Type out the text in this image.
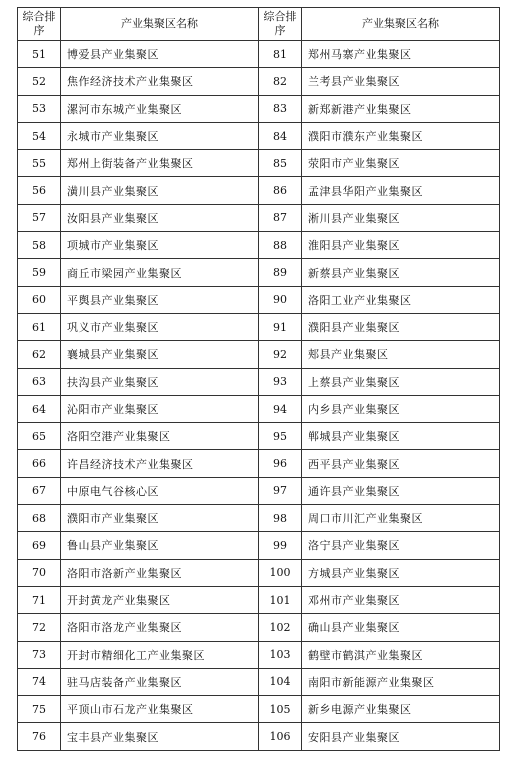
综合排序	产业集聚区名称	综合排序	产业集聚区名称
51	博爱县产业集聚区	81	郑州马寨产业集聚区
52	焦作经济技术产业集聚区	82	兰考县产业集聚区
53	漯河市东城产业集聚区	83	新郑新港产业集聚区
54	永城市产业集聚区	84	濮阳市濮东产业集聚区
55	郑州上街装备产业集聚区	85	荥阳市产业集聚区
56	潢川县产业集聚区	86	孟津县华阳产业集聚区
57	汝阳县产业集聚区	87	淅川县产业集聚区
58	项城市产业集聚区	88	淮阳县产业集聚区
59	商丘市梁园产业集聚区	89	新蔡县产业集聚区
60	平舆县产业集聚区	90	洛阳工业产业集聚区
61	巩义市产业集聚区	91	濮阳县产业集聚区
62	襄城县产业集聚区	92	郏县产业集聚区
63	扶沟县产业集聚区	93	上蔡县产业集聚区
64	沁阳市产业集聚区	94	内乡县产业集聚区
65	洛阳空港产业集聚区	95	郸城县产业集聚区
66	许昌经济技术产业集聚区	96	西平县产业集聚区
67	中原电气谷核心区	97	通许县产业集聚区
68	濮阳市产业集聚区	98	周口市川汇产业集聚区
69	鲁山县产业集聚区	99	洛宁县产业集聚区
70	洛阳市洛新产业集聚区	100	方城县产业集聚区
71	开封黄龙产业集聚区	101	邓州市产业集聚区
72	洛阳市洛龙产业集聚区	102	确山县产业集聚区
73	开封市精细化工产业集聚区	103	鹤壁市鹤淇产业集聚区
74	驻马店装备产业集聚区	104	南阳市新能源产业集聚区
75	平顶山市石龙产业集聚区	105	新乡电源产业集聚区
76	宝丰县产业集聚区	106	安阳县产业集聚区
